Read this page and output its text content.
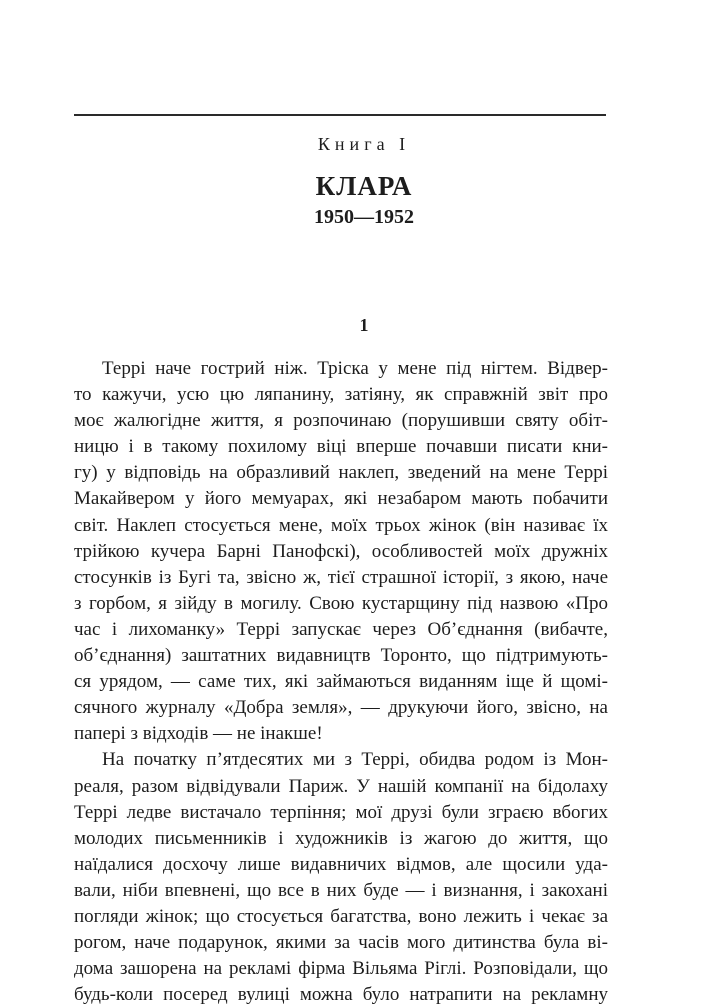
Книга I
КЛАРА
1950—1952
1
Террі наче гострий ніж. Тріска у мене під нігтем. Відвер-
то кажучи, усю цю ляпанину, затіяну, як справжній звіт про
моє жалюгідне життя, я розпочинаю (порушивши святу обіт-
ницю і в такому похилому віці вперше почавши писати кни-
гу) у відповідь на образливий наклеп, зведений на мене Террі
Макайвером у його мемуарах, які незабаром мають побачити
світ. Наклеп стосується мене, моїх трьох жінок (він називає їх
трійкою кучера Барні Панофскі), особливостей моїх дружніх
стосунків із Бугі та, звісно ж, тієї страшної історії, з якою, наче
з горбом, я зійду в могилу. Свою кустарщину під назвою «Про
час і лихоманку» Террі запускає через Об’єднання (вибачте,
об’єднання) заштатних видавництв Торонто, що підтримують-
ся урядом, — саме тих, які займаються виданням іще й щомі-
сячного журналу «Добра земля», — друкуючи його, звісно, на
папері з відходів — не інакше!
На початку п’ятдесятих ми з Террі, обидва родом із Мон-
реаля, разом відвідували Париж. У нашій компанії на бідолаху
Террі ледве вистачало терпіння; мої друзі були зграєю вбогих
молодих письменників і художників із жагою до життя, що
наїдалися досхочу лише видавничих відмов, але щосили уда-
вали, ніби впевнені, що все в них буде — і визнання, і закохані
погляди жінок; що стосується багатства, воно лежить і чекає за
рогом, наче подарунок, якими за часів мого дитинства була ві-
дома зашорена на рекламі фірма Вільяма Рiглі. Розповідали, що
будь-коли посеред вулиці можна було натрапити на рекламну
